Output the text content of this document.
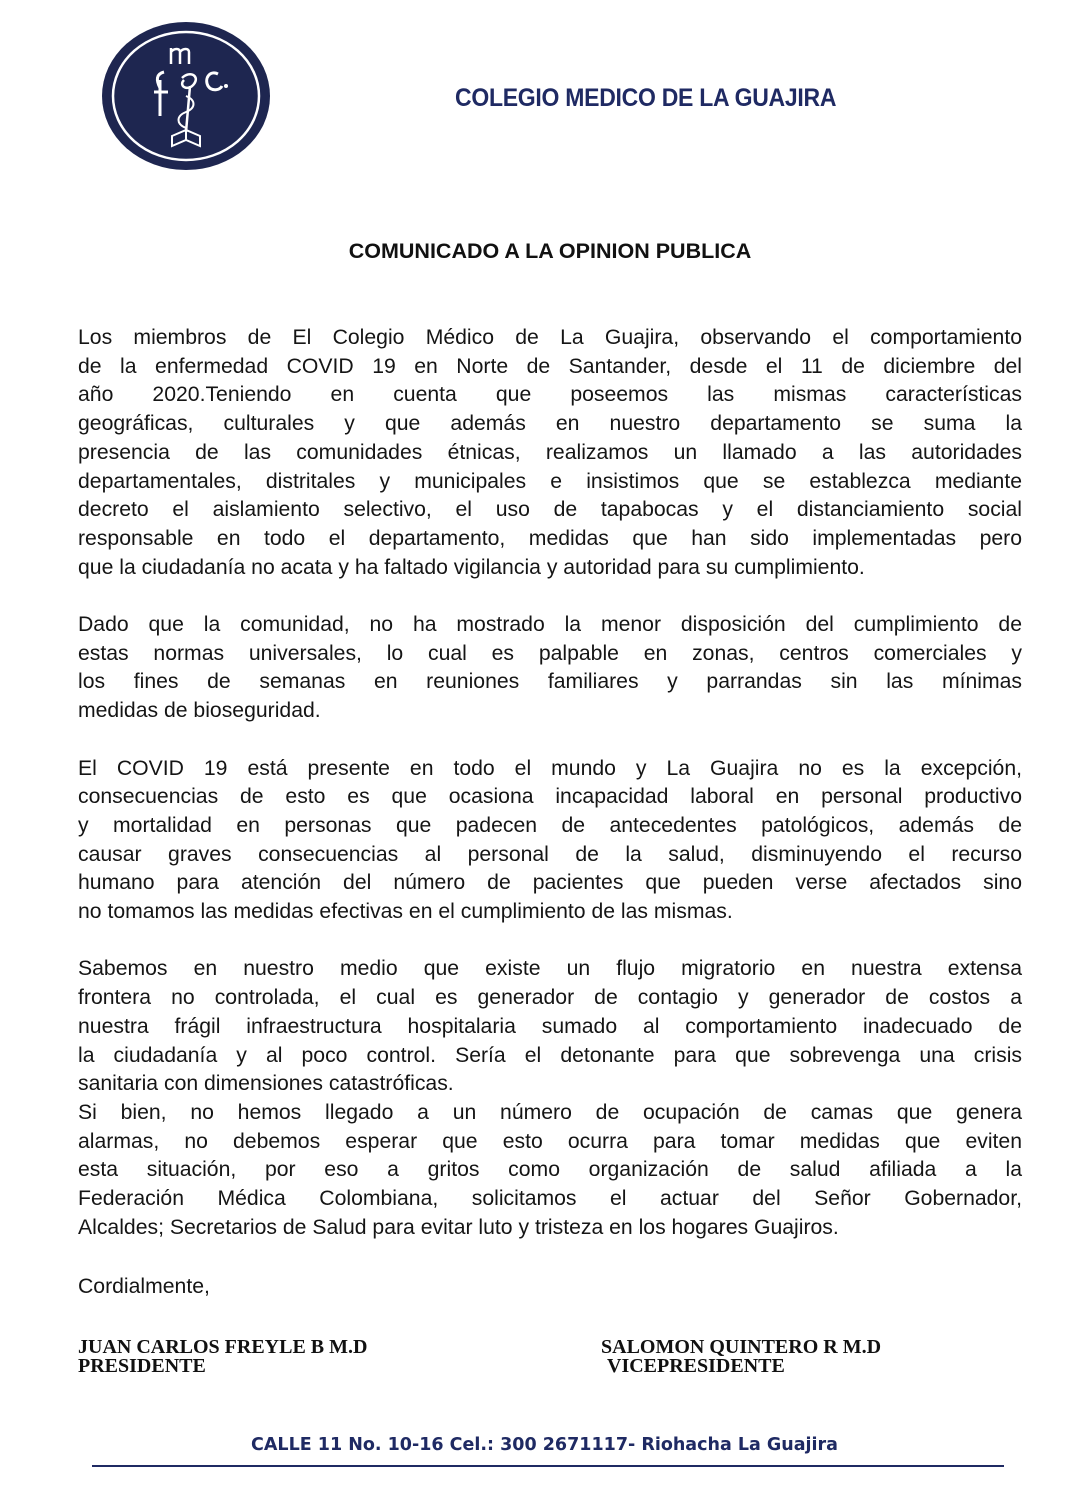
COLEGIO MEDICO DE LA GUAJIRA
COMUNICADO A LA OPINION PUBLICA
Los miembros de El Colegio Médico de La Guajira, observando el comportamiento
de la enfermedad COVID 19 en Norte de Santander, desde el 11 de diciembre del
año 2020.Teniendo en cuenta que poseemos las mismas características
geográficas, culturales y que además en nuestro departamento se suma la
presencia de las comunidades étnicas, realizamos un llamado a las autoridades
departamentales, distritales y municipales e insistimos que se establezca mediante
decreto el aislamiento selectivo, el uso de tapabocas y el distanciamiento social
responsable en todo el departamento, medidas que han sido implementadas pero
que la ciudadanía no acata y ha faltado vigilancia y autoridad para su cumplimiento.
Dado que la comunidad, no ha mostrado la menor disposición del cumplimiento de
estas normas universales, lo cual es palpable en zonas, centros comerciales y
los fines de semanas en reuniones familiares y parrandas sin las mínimas
medidas de bioseguridad.
El COVID 19 está presente en todo el mundo y La Guajira no es la excepción,
consecuencias de esto es que ocasiona incapacidad laboral en personal productivo
y mortalidad en personas que padecen de antecedentes patológicos, además de
causar graves consecuencias al personal de la salud, disminuyendo el recurso
humano para atención del número de pacientes que pueden verse afectados sino
no tomamos las medidas efectivas en el cumplimiento de las mismas.
Sabemos en nuestro medio que existe un flujo migratorio en nuestra extensa
frontera no controlada, el cual es generador de contagio y generador de costos a
nuestra frágil infraestructura hospitalaria sumado al comportamiento inadecuado de
la ciudadanía y al poco control. Sería el detonante para que sobrevenga una crisis
sanitaria con dimensiones catastróficas.
Si bien, no hemos llegado a un número de ocupación de camas que genera
alarmas, no debemos esperar que esto ocurra para tomar medidas que eviten
esta situación, por eso a gritos como organización de salud afiliada a la
Federación Médica Colombiana, solicitamos el actuar del Señor Gobernador,
Alcaldes; Secretarios de Salud para evitar luto y tristeza en los hogares Guajiros.
Cordialmente,
JUAN CARLOS FREYLE B M.D
PRESIDENTE
SALOMON QUINTERO R M.D
VICEPRESIDENTE
CALLE 11 No. 10-16 Cel.: 300 2671117- Riohacha La Guajira
